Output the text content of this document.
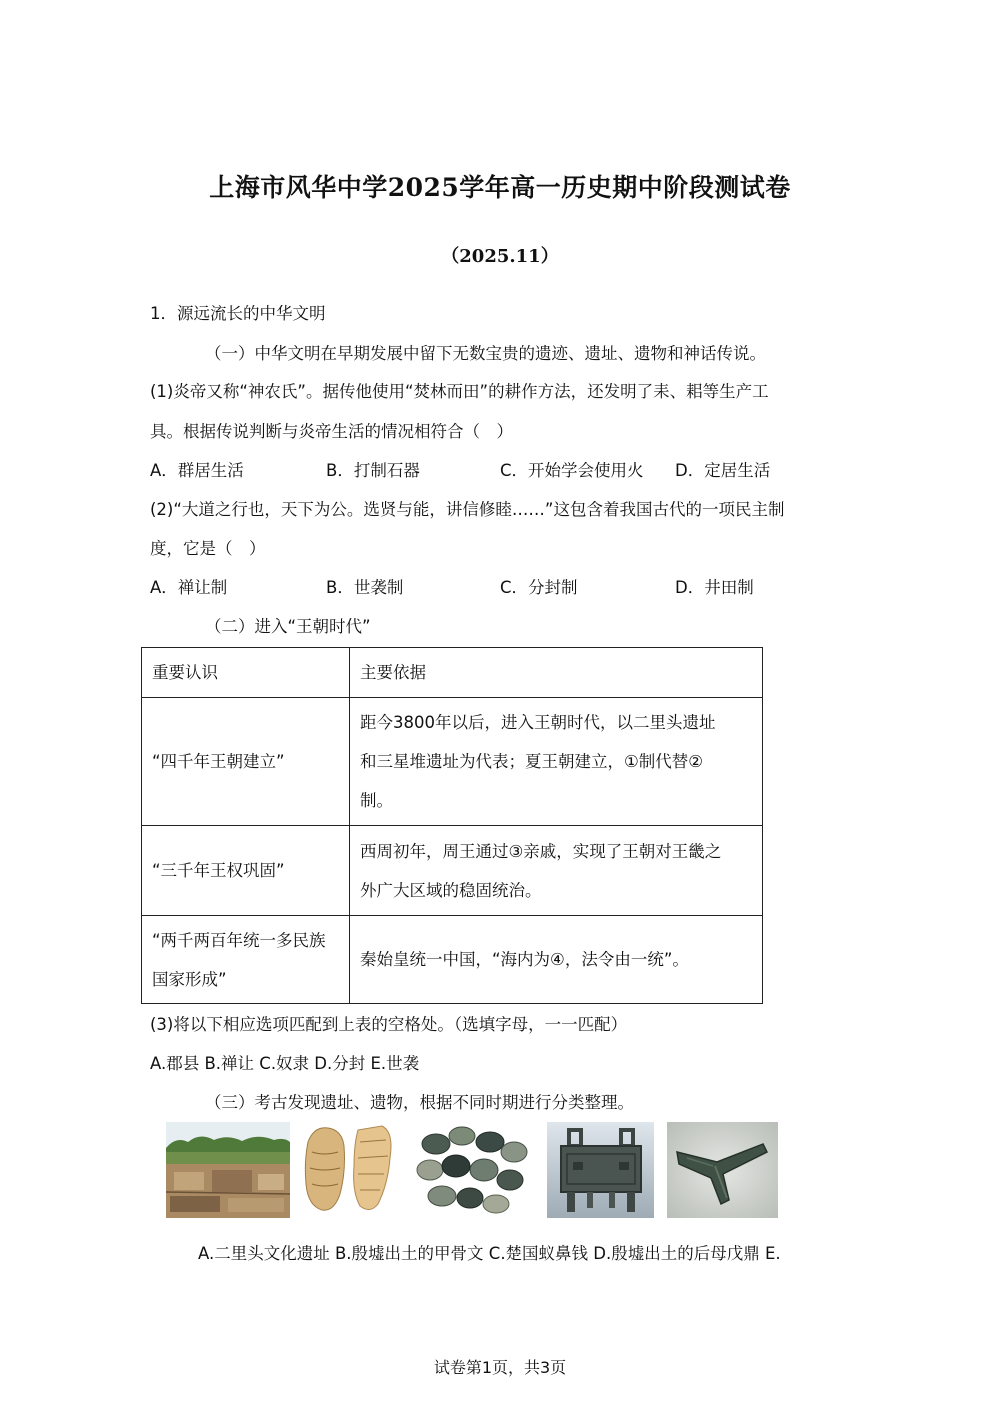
上海市风华中学2025学年高一历史期中阶段测试卷
（2025.11）
1．源远流长的中华文明
（一）中华文明在早期发展中留下无数宝贵的遗迹、遗址、遗物和神话传说。
(1)炎帝又称“神农氏”。据传他使用“焚林而田”的耕作方法，还发明了耒、耜等生产工
具。根据传说判断与炎帝生活的情况相符合（　）
A．群居生活	B．打制石器	C．开始学会使用火 D．定居生活
(2)“大道之行也，天下为公。选贤与能，讲信修睦……”这包含着我国古代的一项民主制
度，它是（　）
A．禅让制	B．世袭制	C．分封制	D．井田制
（二）进入“王朝时代”
重要认识	主要依据
“四千年王朝建立”	距今3800年以后，进入王朝时代，以二里头遗址
和三星堆遗址为代表；夏王朝建立，①制代替②
制。

“三千年王权巩固”	西周初年，周王通过③亲戚，实现了王朝对王畿之
外广大区域的稳固统治。

“两千两百年统一多民族
国家形成”	秦始皇统一中国，“海内为④，法令由一统”。
(3)将以下相应选项匹配到上表的空格处。（选填字母，一一匹配）
A.郡县 B.禅让 C.奴隶 D.分封 E.世袭
（三）考古发现遗址、遗物，根据不同时期进行分类整理。
A.二里头文化遗址 B.殷墟出土的甲骨文 C.楚国蚁鼻钱 D.殷墟出土的后母戊鼎 E.
试卷第1页，共3页
